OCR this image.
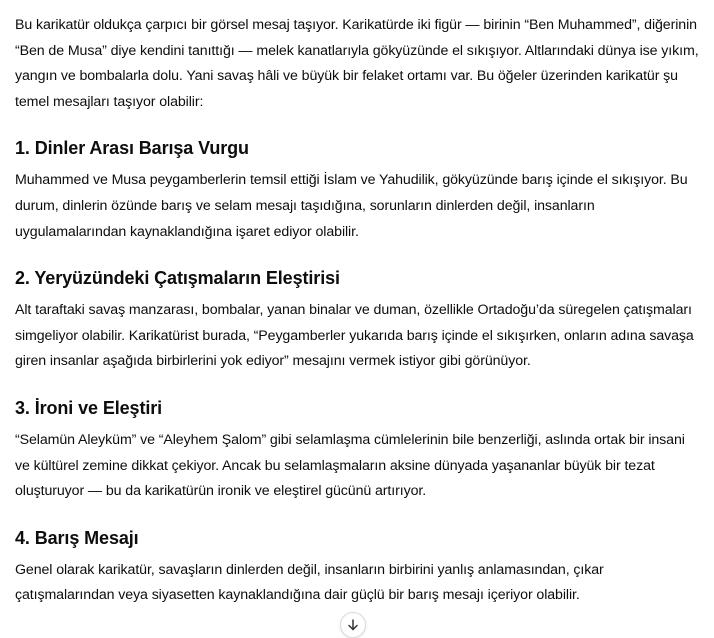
Bu karikatür oldukça çarpıcı bir görsel mesaj taşıyor. Karikatürde iki figür — birinin “Ben Muhammed”, diğerinin “Ben de Musa” diye kendini tanıttığı — melek kanatlarıyla gökyüzünde el sıkışıyor. Altlarındaki dünya ise yıkım, yangın ve bombalarla dolu. Yani savaş hâli ve büyük bir felaket ortamı var. Bu öğeler üzerinden karikatür şu temel mesajları taşıyor olabilir:

1. Dinler Arası Barışa Vurgu

Muhammed ve Musa peygamberlerin temsil ettiği İslam ve Yahudilik, gökyüzünde barış içinde el sıkışıyor. Bu durum, dinlerin özünde barış ve selam mesajı taşıdığına, sorunların dinlerden değil, insanların uygulamalarından kaynaklandığına işaret ediyor olabilir.

2. Yeryüzündeki Çatışmaların Eleştirisi

Alt taraftaki savaş manzarası, bombalar, yanan binalar ve duman, özellikle Ortadoğu’da süregelen çatışmaları simgeliyor olabilir. Karikatürist burada, “Peygamberler yukarıda barış içinde el sıkışırken, onların adına savaşa giren insanlar aşağıda birbirlerini yok ediyor” mesajını vermek istiyor gibi görünüyor.

3. İroni ve Eleştiri

“Selamün Aleyküm” ve “Aleyhem Şalom” gibi selamlaşma cümlelerinin bile benzerliği, aslında ortak bir insani ve kültürel zemine dikkat çekiyor. Ancak bu selamlaşmaların aksine dünyada yaşananlar büyük bir tezat oluşturuyor — bu da karikatürün ironik ve eleştirel gücünü artırıyor.

4. Barış Mesajı

Genel olarak karikatür, savaşların dinlerden değil, insanların birbirini yanlış anlamasından, çıkar çatışmalarından veya siyasetten kaynaklandığına dair güçlü bir barış mesajı içeriyor olabilir.
